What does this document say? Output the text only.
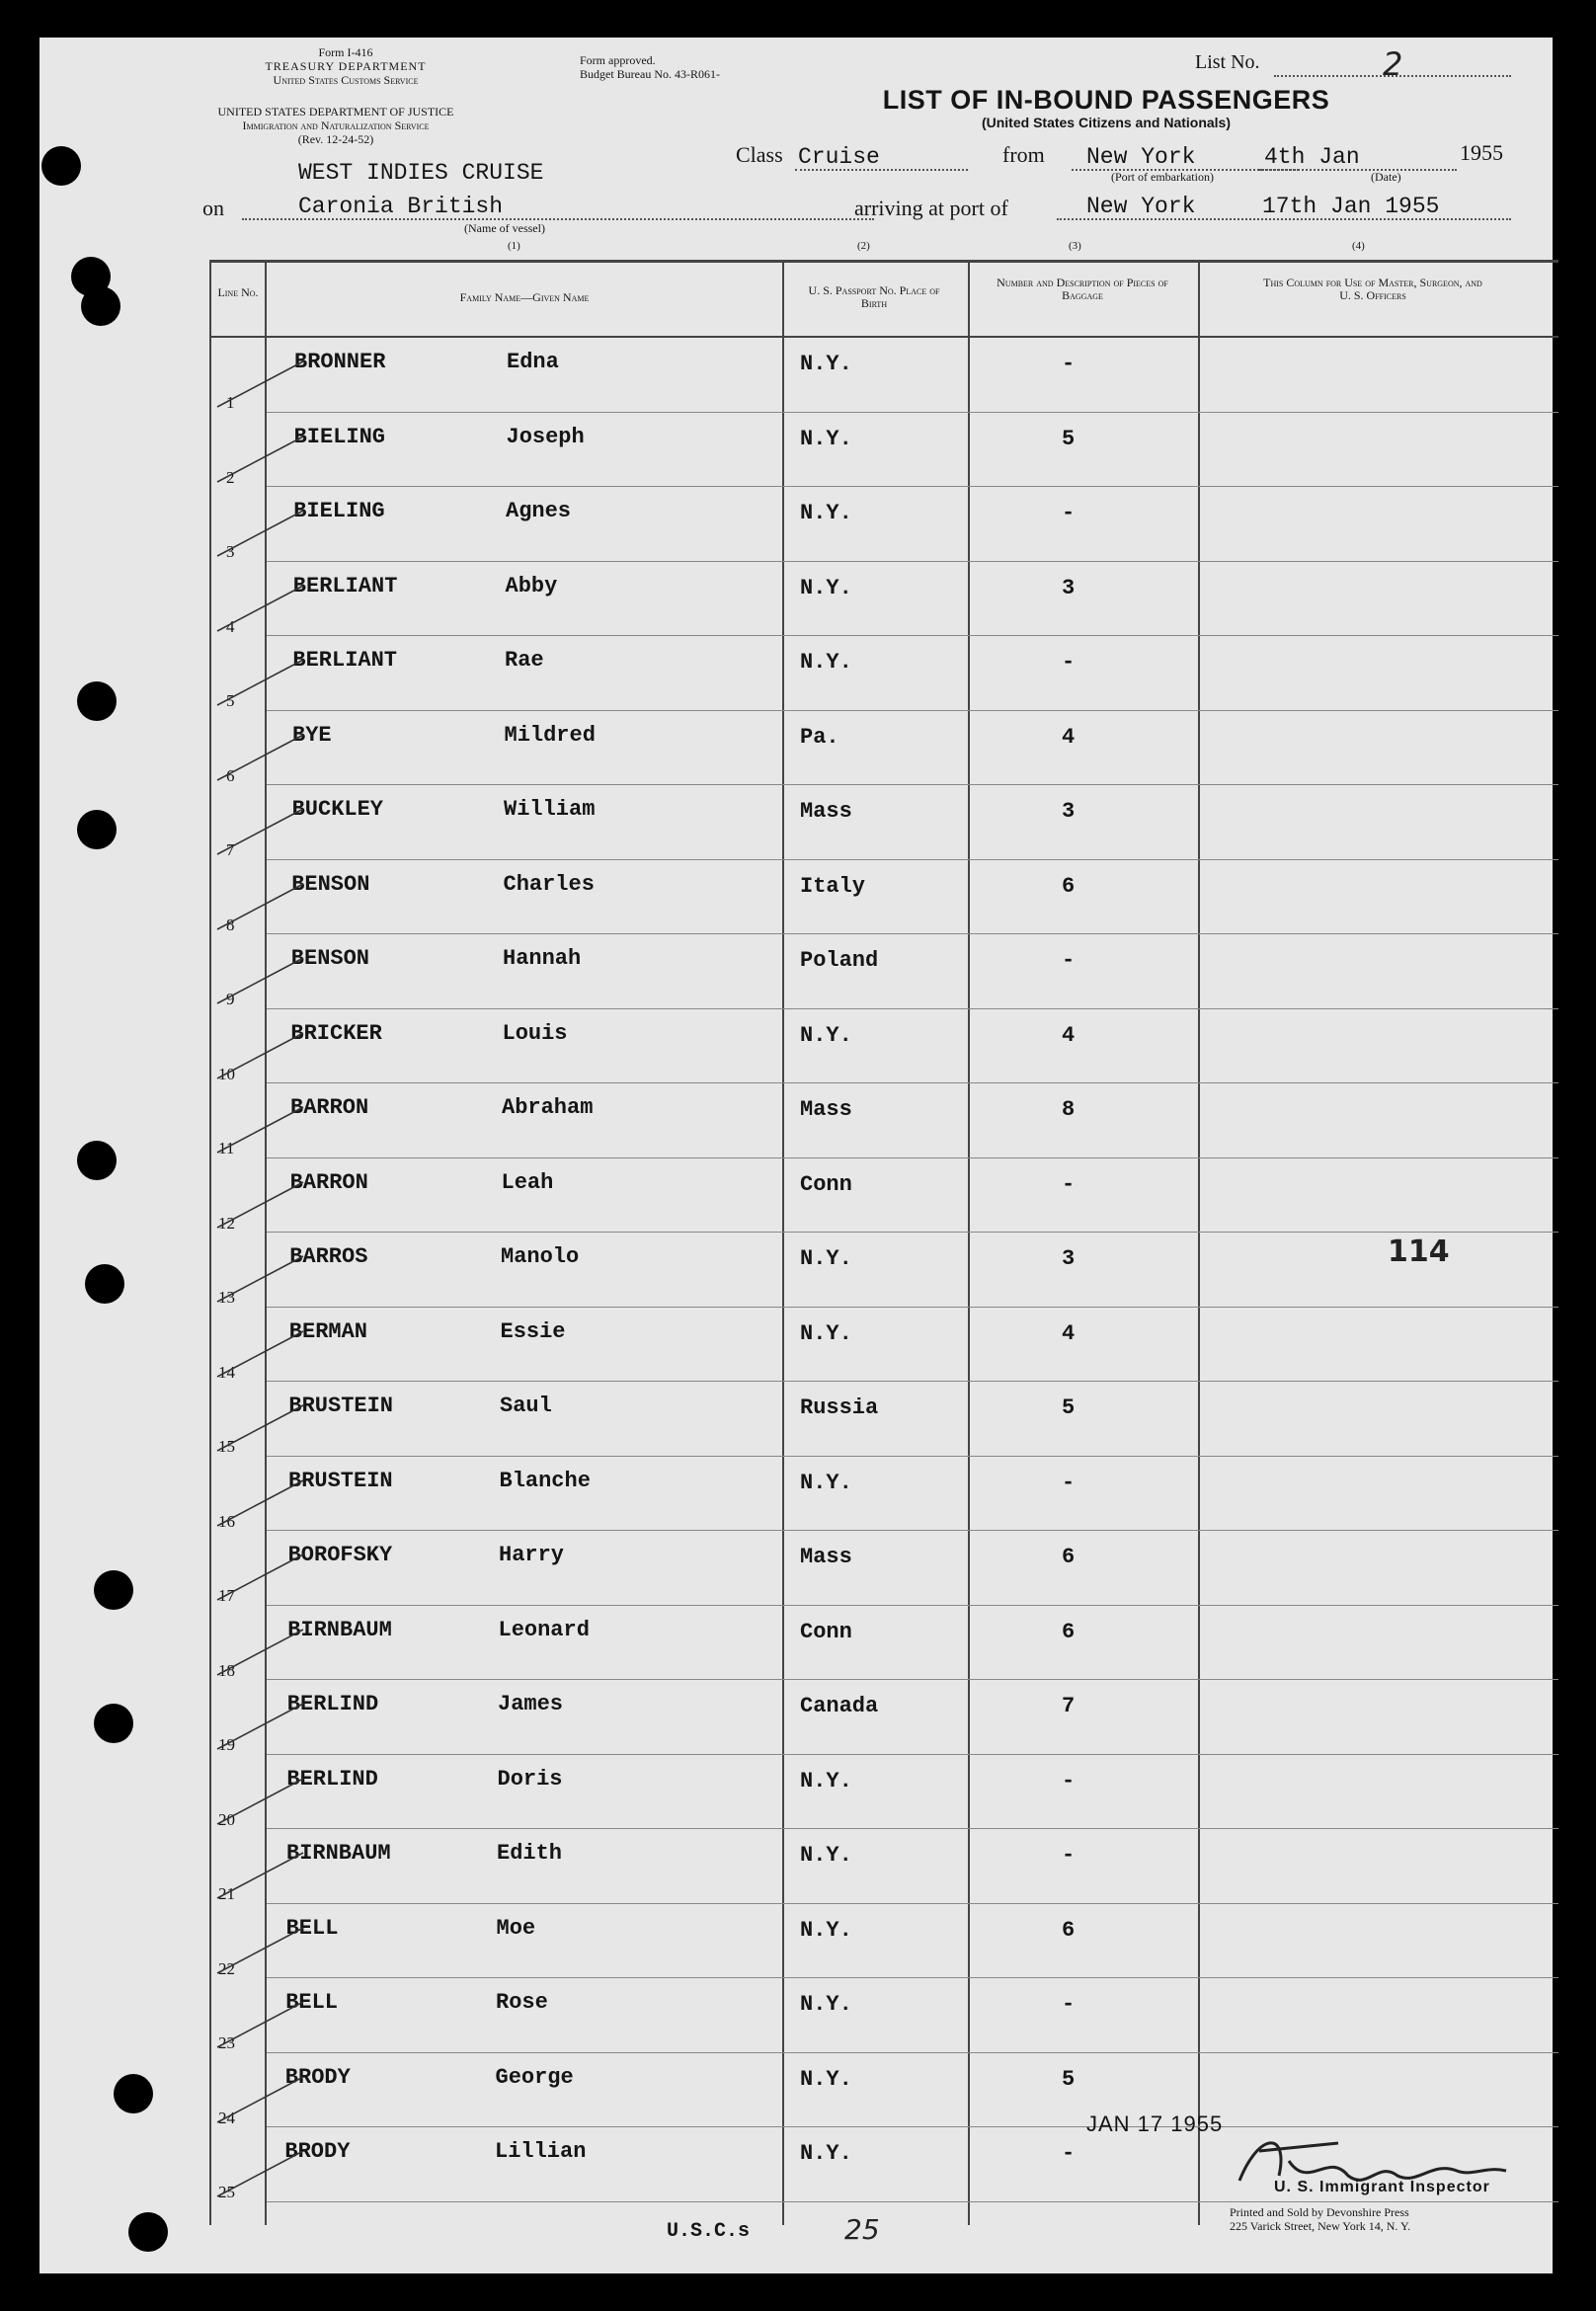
Form I-416
TREASURY DEPARTMENT
United States Customs Service
Form approved.
Budget Bureau No. 43-R061-
UNITED STATES DEPARTMENT OF JUSTICE
Immigration and Naturalization Service
(Rev. 12-24-52)
List No.	2
LIST OF IN-BOUND PASSENGERS
(United States Citizens and Nationals)
WEST INDIES CRUISE
Class Cruise	from New York
(Port of embarkation)
4th Jan
(Date)
1955
on	Caronia British
(Name of vessel)
arriving at port of	New York	17th Jan 1955
(1)	(2)	(3)	(4)
Line No.	Family Name—Given Name	U. S. Passport No. Place of Birth
Number and Description of Pieces of Baggage
This Column for Use of Master, Surgeon, and U. S. Officers
1
BRONNER	Edna	N.Y.	-
2
BIELING	Joseph	N.Y.	5
3
BIELING	Agnes	N.Y.	-
4
BERLIANT	Abby	N.Y.	3
5
BERLIANT	Rae	N.Y.	-
6
BYE	Mildred	Pa.	4
7
BUCKLEY	William	Mass	3
8
BENSON	Charles	Italy	6
9
BENSON	Hannah	Poland	-
10
BRICKER	Louis	N.Y.	4
11
BARRON	Abraham	Mass	8
12
BARRON	Leah	Conn	-
13
BARROS	Manolo	N.Y.	3
14
BERMAN	Essie	N.Y.	4
15
BRUSTEIN	Saul	Russia	5
16
BRUSTEIN	Blanche	N.Y.	-
17
BOROFSKY	Harry	Mass	6
18
BIRNBAUM	Leonard	Conn	6
19
BERLIND	James	Canada	7
20
BERLIND	Doris	N.Y.	-
21
BIRNBAUM	Edith	N.Y.	-
22
BELL	Moe	N.Y.	6
23
BELL	Rose	N.Y.	-
24
BRODY	George	N.Y.	5
25
BRODY	Lillian	N.Y.	-
114
JAN 17 1955
U. S. Immigrant Inspector
U.S.C.s	25
Printed and Sold by Devonshire Press
225 Varick Street, New York 14, N. Y.
